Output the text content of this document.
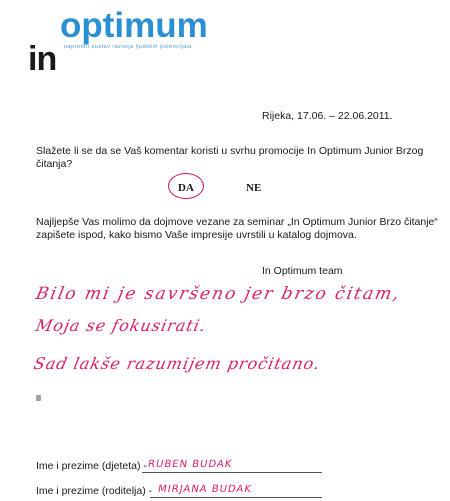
optimum
in napredni sustav razvoja ljudskih potencijala
Rijeka, 17.06. – 22.06.2011.
Slažete li se da se Vaš komentar koristi u svrhu promocije In Optimum Junior Brzog čitanja?
DA	NE
Najljepše Vas molimo da dojmove vezane za seminar „In Optimum Junior Brzo čitanje“ zapišete ispod, kako bismo Vaše impresije uvrstili u katalog dojmova.
In Optimum team
Bilo mi je savršeno jer brzo čitam,
Moja se fokusirati.
Sad lakše razumijem pročitano.
Ime i prezime (djeteta) - RUBEN BUDAK
Ime i prezime (roditelja) - MIRJANA BUDAK
